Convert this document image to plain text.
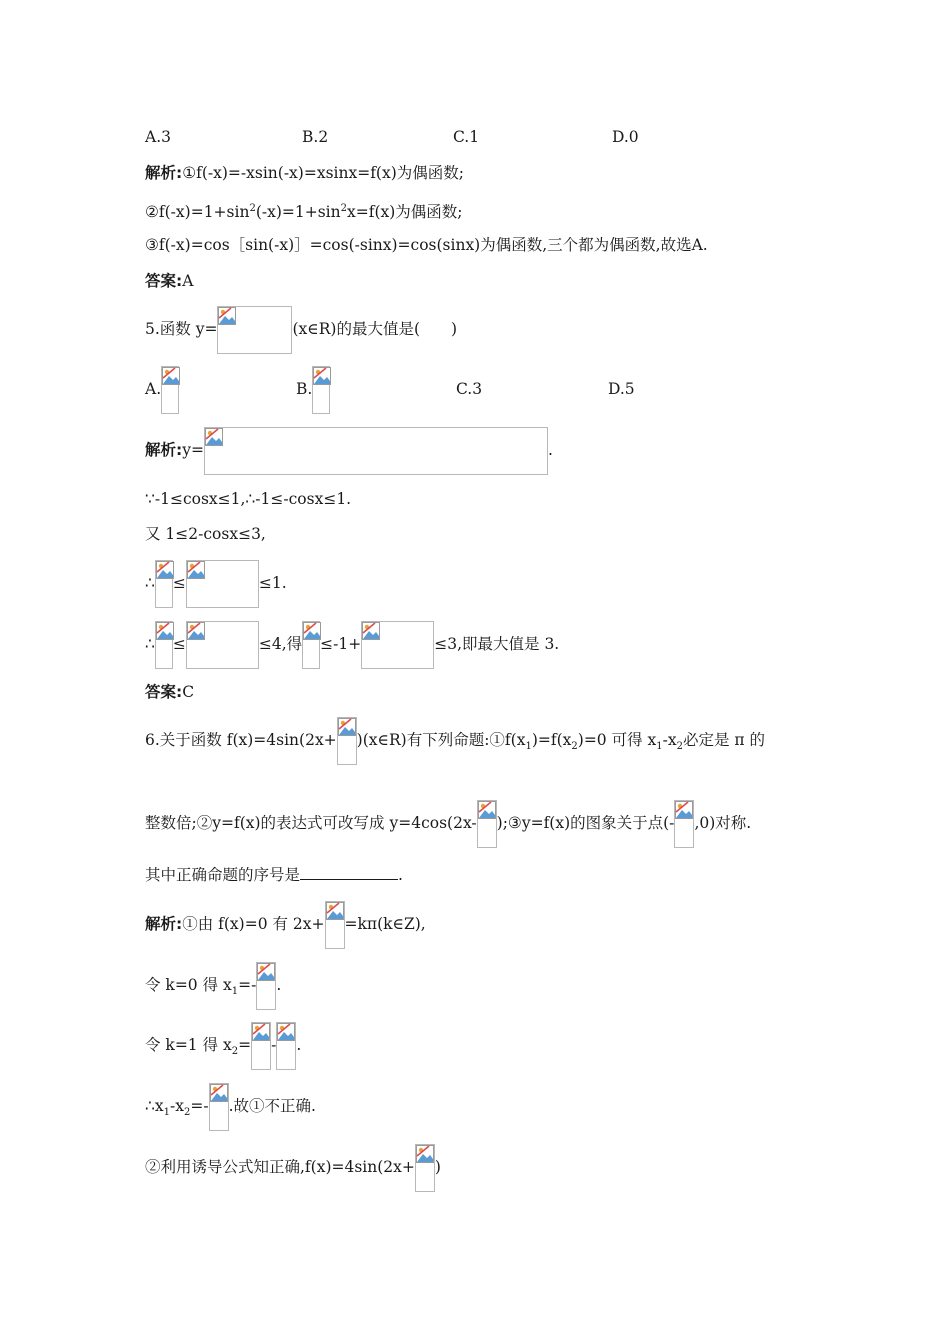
A.3	B.2	C.1	D.0
解析:①f(-x)=-xsin(-x)=xsinx=f(x)为偶函数;
$②f(-x)=1+\sin^2(-x)=1+\sin^2x=f(x)$为偶函数;
③f(-x)=cos［sin(-x)］=cos(-sinx)=cos(sinx)为偶函数,三个都为偶函数,故选A.
答案:A
5.函数 y=	(x∈R)的最大值是(　　)
A.	B.	C.3	D.5
解析:y=	.
∵-1≤cosx≤1,∴-1≤-cosx≤1.
又 1≤2-cosx≤3,
∴ ≤	≤1.
∴ ≤	≤4,得 ≤-1+	≤3,即最大值是 3.
答案:C
6.关于函数 f(x)=4sin(2x+ )(x∈R)有下列命题$:①f(x_1)=f(x_2)=0$ 可得 $x_1-x_2$必定是 π 的
整数倍;②y=f(x)的表达式可改写成 y=4cos(2x- );③y=f(x)的图象关于点(- ,0)对称.
其中正确命题的序号是	.
解析:①由 f(x)=0 有 2x+ =kπ(k∈Z),
令 k=0 得 $x_1=-$ .
令 k=1 得 $x_2=$ - .
$\therefore x_1-x_2=-$ .故①不正确.
②利用诱导公式知正确,f(x)=4sin(2x+ )
